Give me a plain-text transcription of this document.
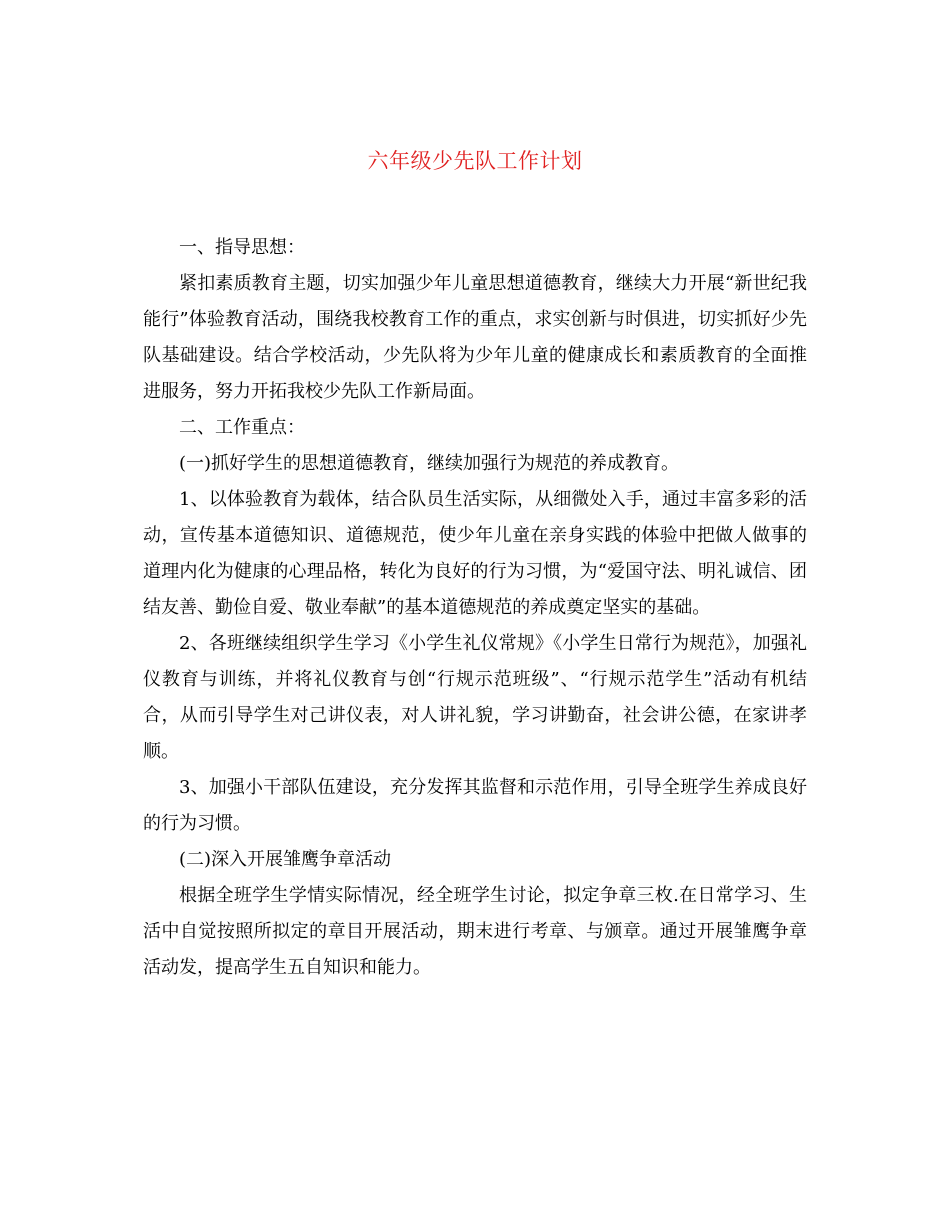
六年级少先队工作计划

一、指导思想：

紧扣素质教育主题，切实加强少年儿童思想道德教育，继续大力开展“新世纪我能行”体验教育活动，围绕我校教育工作的重点，求实创新与时俱进，切实抓好少先队基础建设。结合学校活动，少先队将为少年儿童的健康成长和素质教育的全面推进服务，努力开拓我校少先队工作新局面。

二、工作重点：

(一)抓好学生的思想道德教育，继续加强行为规范的养成教育。

1、以体验教育为载体，结合队员生活实际，从细微处入手，通过丰富多彩的活动，宣传基本道德知识、道德规范，使少年儿童在亲身实践的体验中把做人做事的道理内化为健康的心理品格，转化为良好的行为习惯，为“爱国守法、明礼诚信、团结友善、勤俭自爱、敬业奉献”的基本道德规范的养成奠定坚实的基础。

2、各班继续组织学生学习《小学生礼仪常规》《小学生日常行为规范》，加强礼仪教育与训练，并将礼仪教育与创“行规示范班级”、“行规示范学生”活动有机结合，从而引导学生对己讲仪表，对人讲礼貌，学习讲勤奋，社会讲公德，在家讲孝顺。

3、加强小干部队伍建设，充分发挥其监督和示范作用，引导全班学生养成良好的行为习惯。

(二)深入开展雏鹰争章活动

根据全班学生学情实际情况，经全班学生讨论，拟定争章三枚.在日常学习、生活中自觉按照所拟定的章目开展活动，期末进行考章、与颁章。通过开展雏鹰争章活动发，提高学生五自知识和能力。
